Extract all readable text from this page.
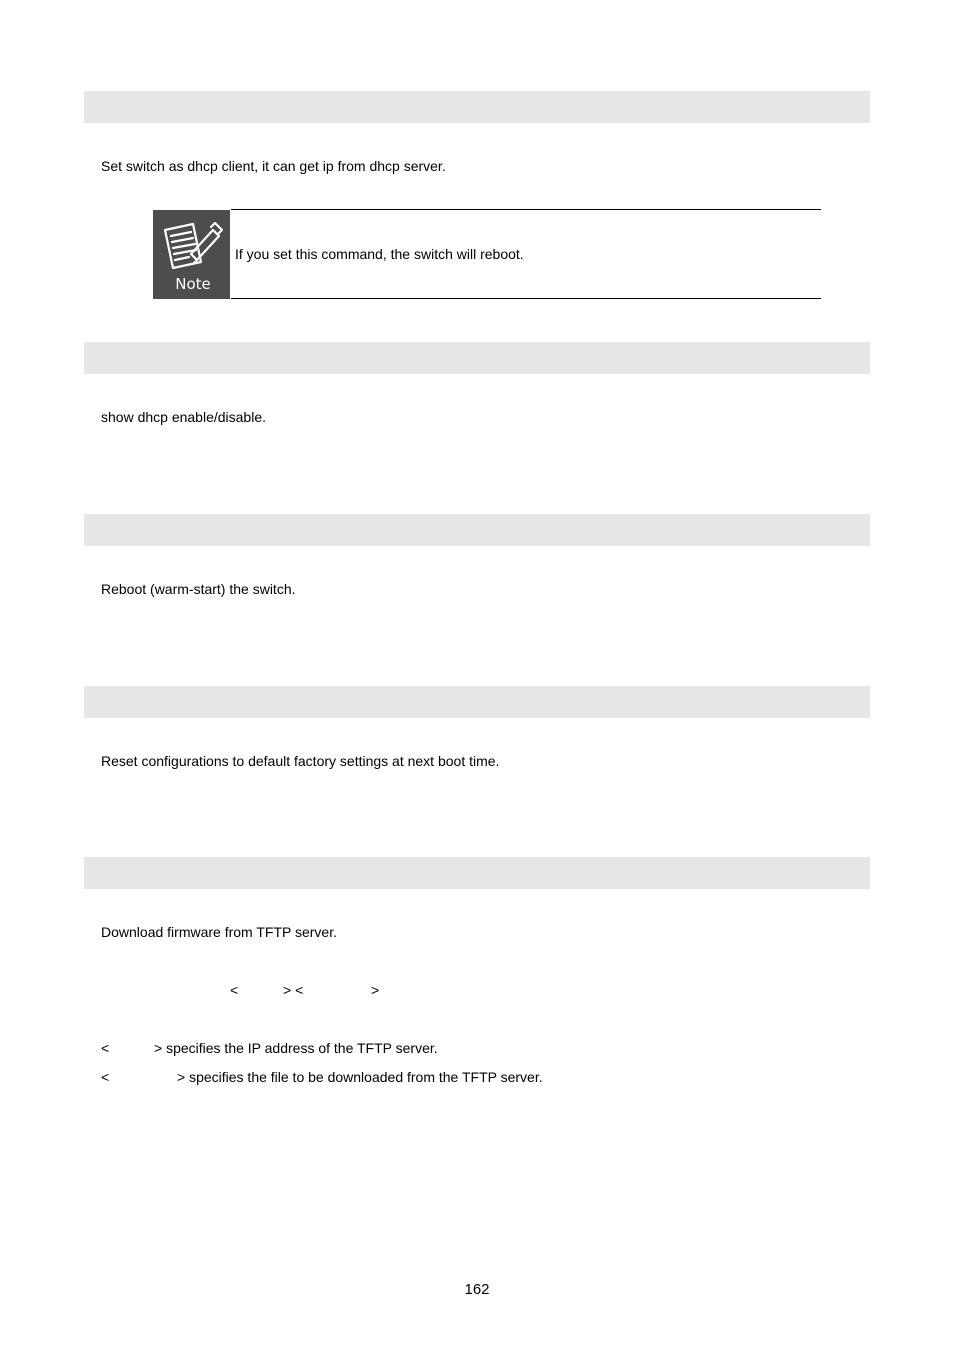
Set switch as dhcp client, it can get ip from dhcp server.
Note
If you set this command, the switch will reboot.
show dhcp enable/disable.
Reboot (warm-start) the switch.
Reset configurations to default factory settings at next boot time.
Download firmware from TFTP server.
<	> <	>
<	> specifies the IP address of the TFTP server.
<	> specifies the file to be downloaded from the TFTP server.
162
